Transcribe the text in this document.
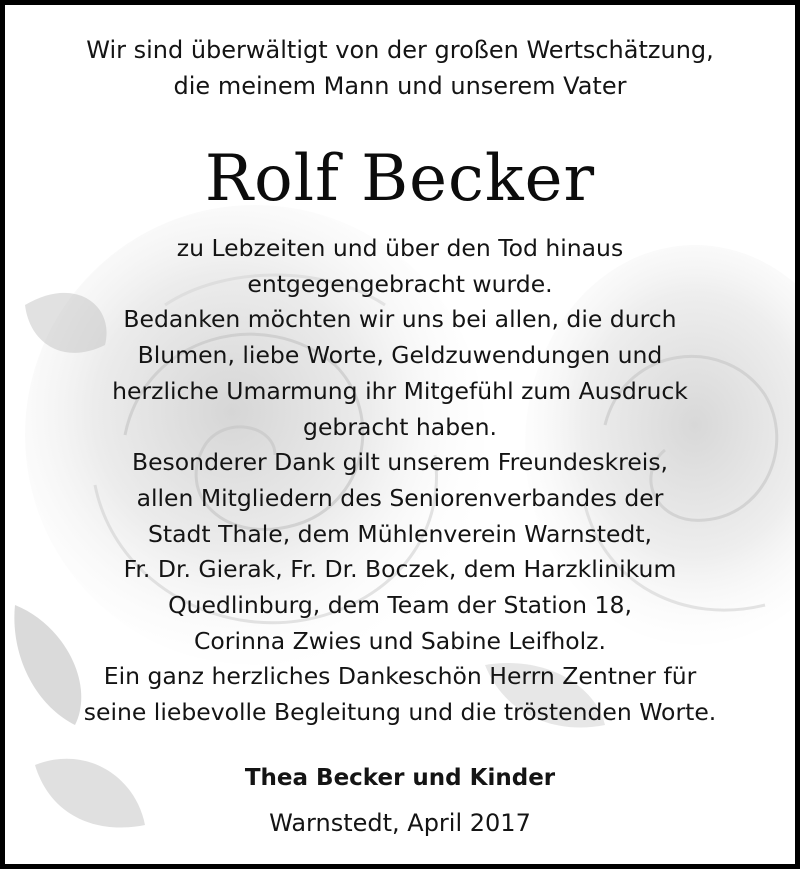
Wir sind überwältigt von der großen Wertschätzung,
die meinem Mann und unserem Vater
Rolf Becker
zu Lebzeiten und über den Tod hinaus
entgegengebracht wurde.
Bedanken möchten wir uns bei allen, die durch
Blumen, liebe Worte, Geldzuwendungen und
herzliche Umarmung ihr Mitgefühl zum Ausdruck
gebracht haben.
Besonderer Dank gilt unserem Freundeskreis,
allen Mitgliedern des Seniorenverbandes der
Stadt Thale, dem Mühlenverein Warnstedt,
Fr. Dr. Gierak, Fr. Dr. Boczek, dem Harzklinikum
Quedlinburg, dem Team der Station 18,
Corinna Zwies und Sabine Leifholz.
Ein ganz herzliches Dankeschön Herrn Zentner für
seine liebevolle Begleitung und die tröstenden Worte.
Thea Becker und Kinder
Warnstedt, April 2017
